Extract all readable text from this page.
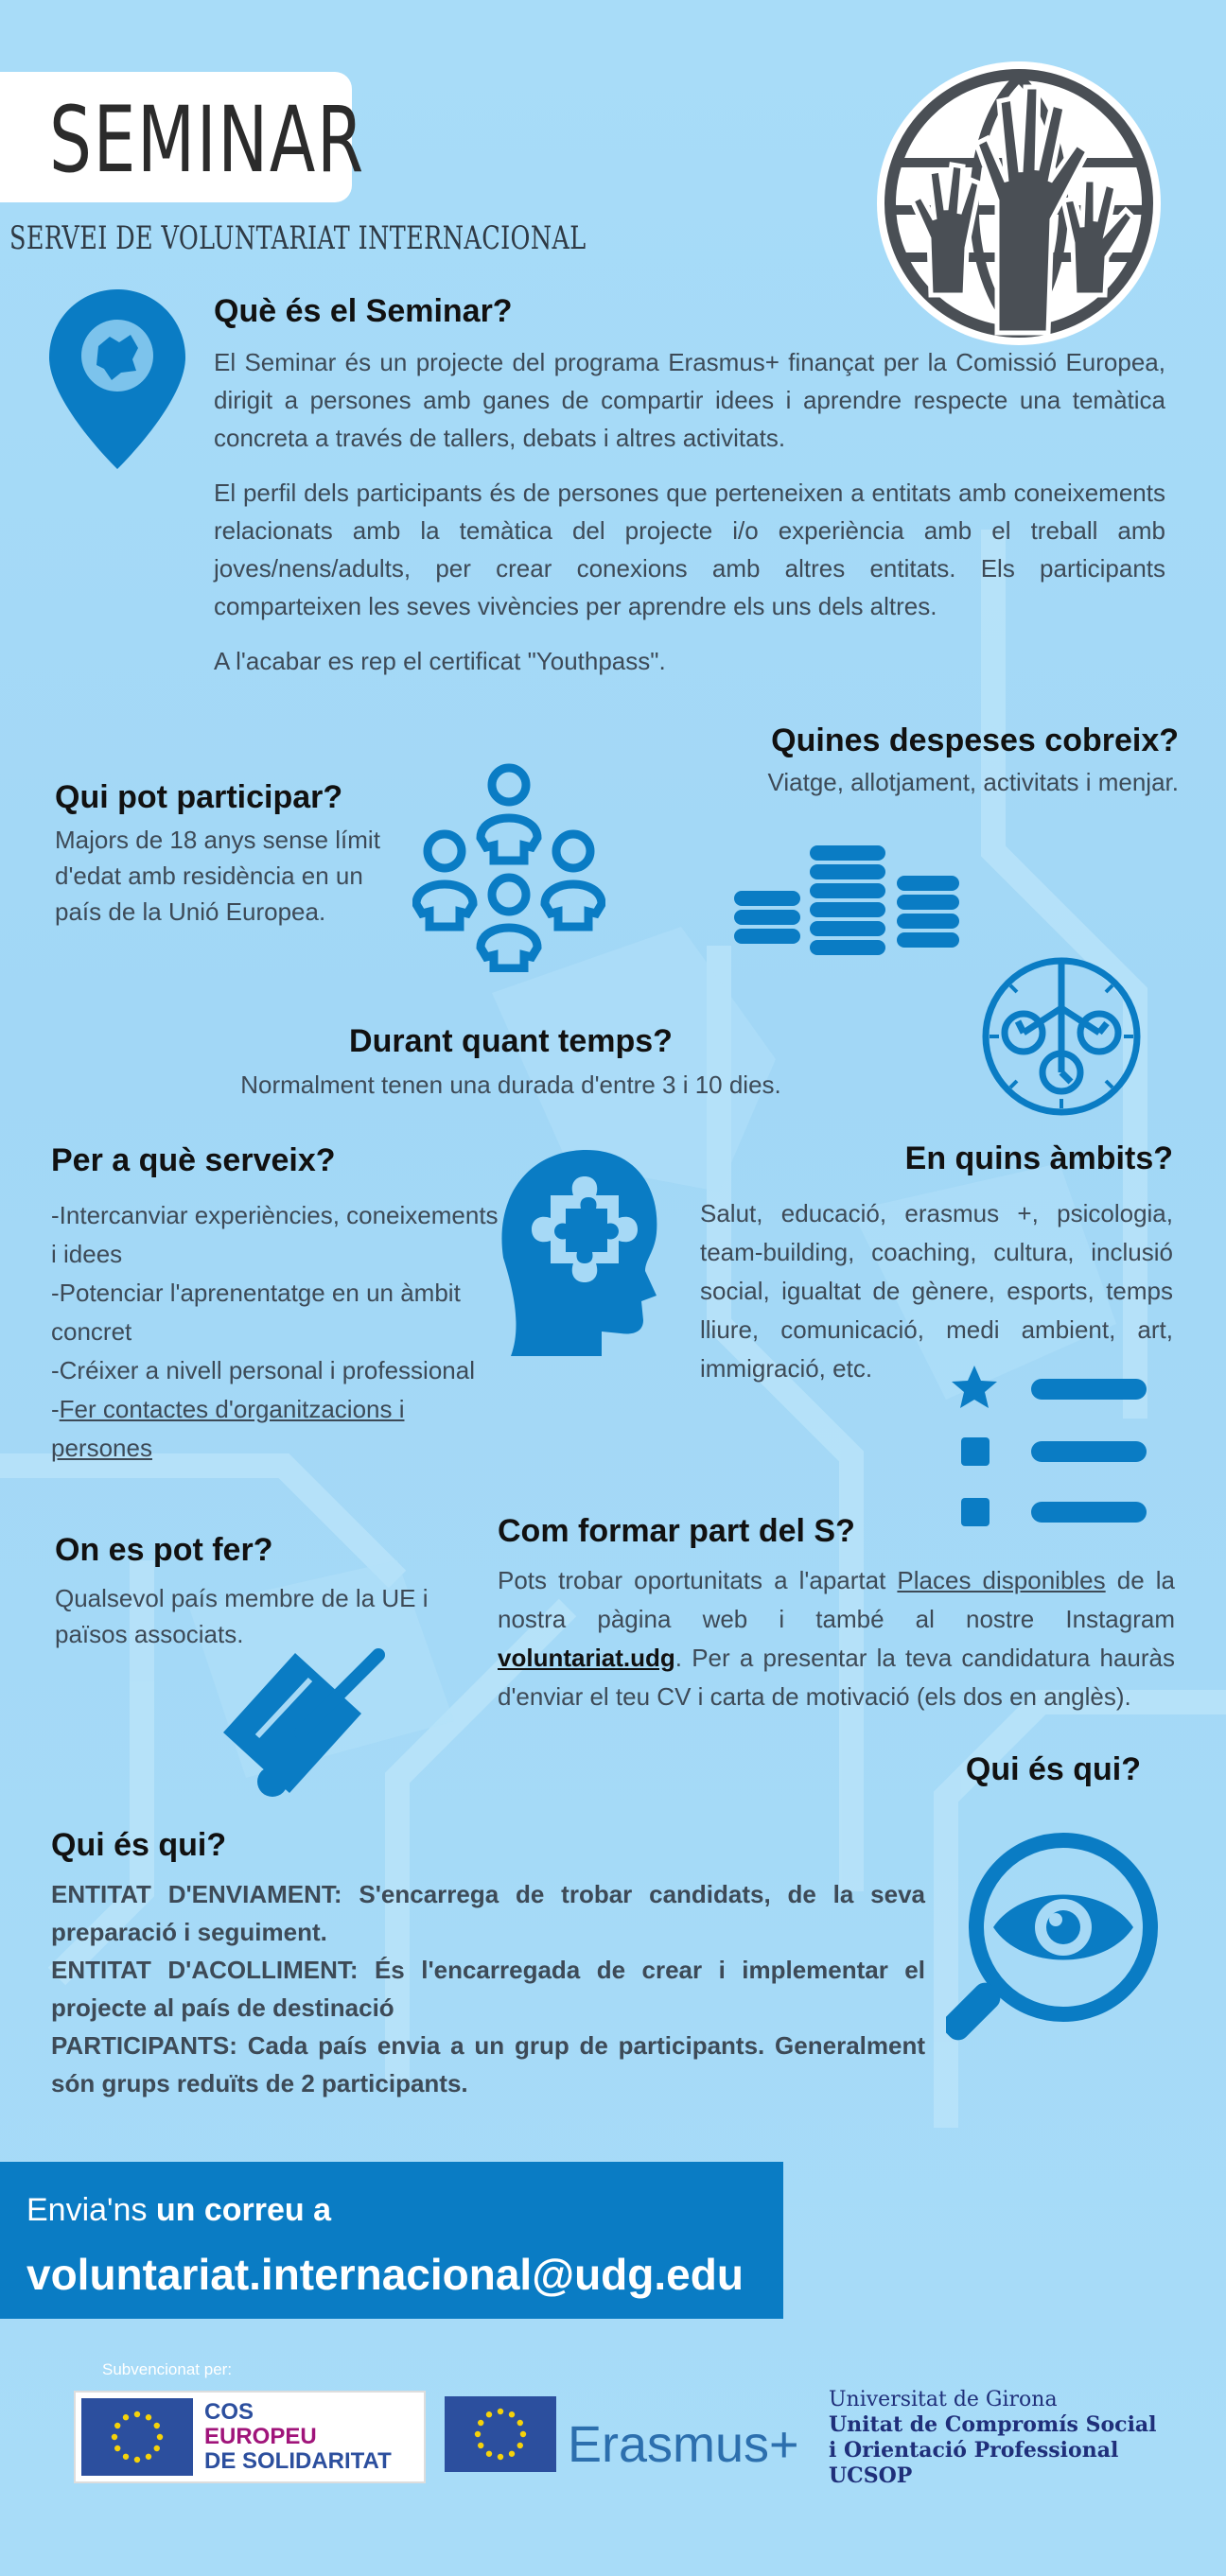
SEMINAR
SERVEI DE VOLUNTARIAT INTERNACIONAL
Què és el Seminar?
El Seminar és un projecte del programa Erasmus+ finançat per la Comissió Europea, dirigit a persones amb ganes de compartir idees i aprendre respecte una temàtica concreta a través de tallers, debats i altres activitats.
El perfil dels participants és de persones que perteneixen a entitats amb coneixements relacionats amb la temàtica del projecte i/o experiència amb el treball amb joves/nens/adults, per crear conexions amb altres entitats. Els participants comparteixen les seves vivències per aprendre els uns dels altres.
A l'acabar es rep el certificat "Youthpass".
Quines despeses cobreix?
Viatge, allotjament, activitats i menjar.
Qui pot participar?
Majors de 18 anys sense límit d'edat amb residència en un país de la Unió Europea.
Durant quant temps?
Normalment tenen una durada d'entre 3 i 10 dies.
Per a què serveix?
-Intercanviar experiències, coneixements i idees
-Potenciar l'aprenentatge en un àmbit concret
-Créixer a nivell personal i professional
-Fer contactes d'organitzacions i persones
En quins àmbits?
Salut, educació, erasmus +, psicologia, team-building, coaching, cultura, inclusió social, igualtat de gènere, esports, temps lliure, comunicació, medi ambient, art, immigració, etc.
On es pot fer?
Qualsevol país membre de la UE i països associats.
Com formar part del S?
Pots trobar oportunitats a l'apartat Places disponibles de la nostra pàgina web i també al nostre Instagram voluntariat.udg. Per a presentar la teva candidatura hauràs d'enviar el teu CV i carta de motivació (els dos en anglès).
Qui és qui?
Qui és qui?
ENTITAT D'ENVIAMENT: S'encarrega de trobar candidats, de la seva preparació i seguiment.
ENTITAT D'ACOLLIMENT: És l'encarregada de crear i implementar el projecte al país de destinació
PARTICIPANTS: Cada país envia a un grup de participants. Generalment són grups reduïts de 2 participants.
Envia'ns un correu a
voluntariat.internacional@udg.edu
Subvencionat per:
COS
EUROPEU
DE SOLIDARITAT	Erasmus+
Universitat de Girona
Unitat de Compromís Social
i Orientació Professional
UCSOP
